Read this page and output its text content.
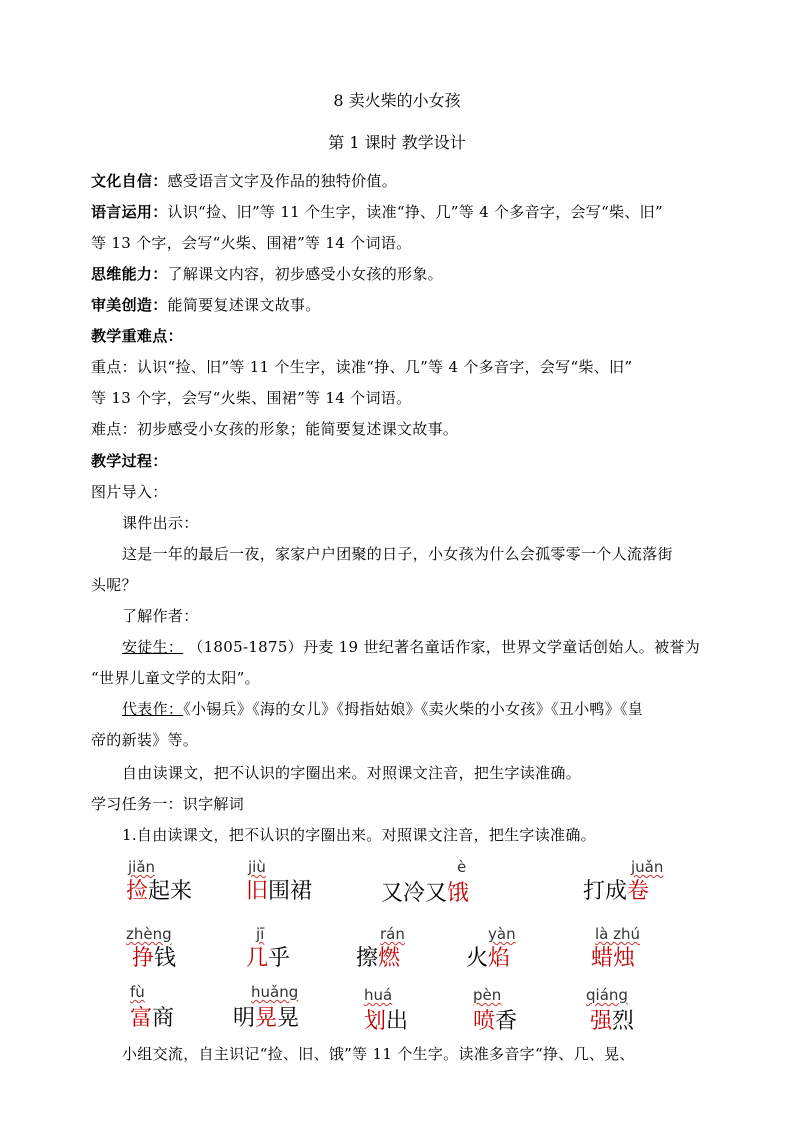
8 卖火柴的小女孩
第 1 课时 教学设计
文化自信：感受语言文字及作品的独特价值。
语言运用：认识“捡、旧”等 11 个生字，读准“挣、几”等 4 个多音字，会写“柴、旧”
等 13 个字，会写“火柴、围裙”等 14 个词语。
思维能力：了解课文内容，初步感受小女孩的形象。
审美创造：能简要复述课文故事。
教学重难点：
重点：认识“捡、旧”等 11 个生字，读准“挣、几”等 4 个多音字，会写“柴、旧”
等 13 个字，会写“火柴、围裙”等 14 个词语。
难点：初步感受小女孩的形象；能简要复述课文故事。
教学过程：
图片导入：
课件出示：
这是一年的最后一夜，家家户户团聚的日子，小女孩为什么会孤零零一个人流落街
头呢？
了解作者：
安徒生： （1805-1875）丹麦 19 世纪著名童话作家，世界文学童话创始人。被誉为
“世界儿童文学的太阳”。
代表作：《小锡兵》《海的女儿》《拇指姑娘》《卖火柴的小女孩》《丑小鸭》《皇
帝的新装》等。
自由读课文，把不认识的字圈出来。对照课文注音，把生字读准确。
学习任务一：识字解词
1.自由读课文，把不认识的字圈出来。对照课文注音，把生字读准确。
jiǎn
捡起来
jiù
旧围裙
è
又冷又饿
juǎn
打成卷
zhèng
挣钱
jī
几乎
rán
擦燃
yàn
火焰
là zhú
蜡烛
fù
富商
huǎng
明晃晃
huá
划出
pèn
喷香
qiáng
强烈
小组交流，自主识记“捡、旧、饿”等 11 个生字。读准多音字“挣、几、晃、
